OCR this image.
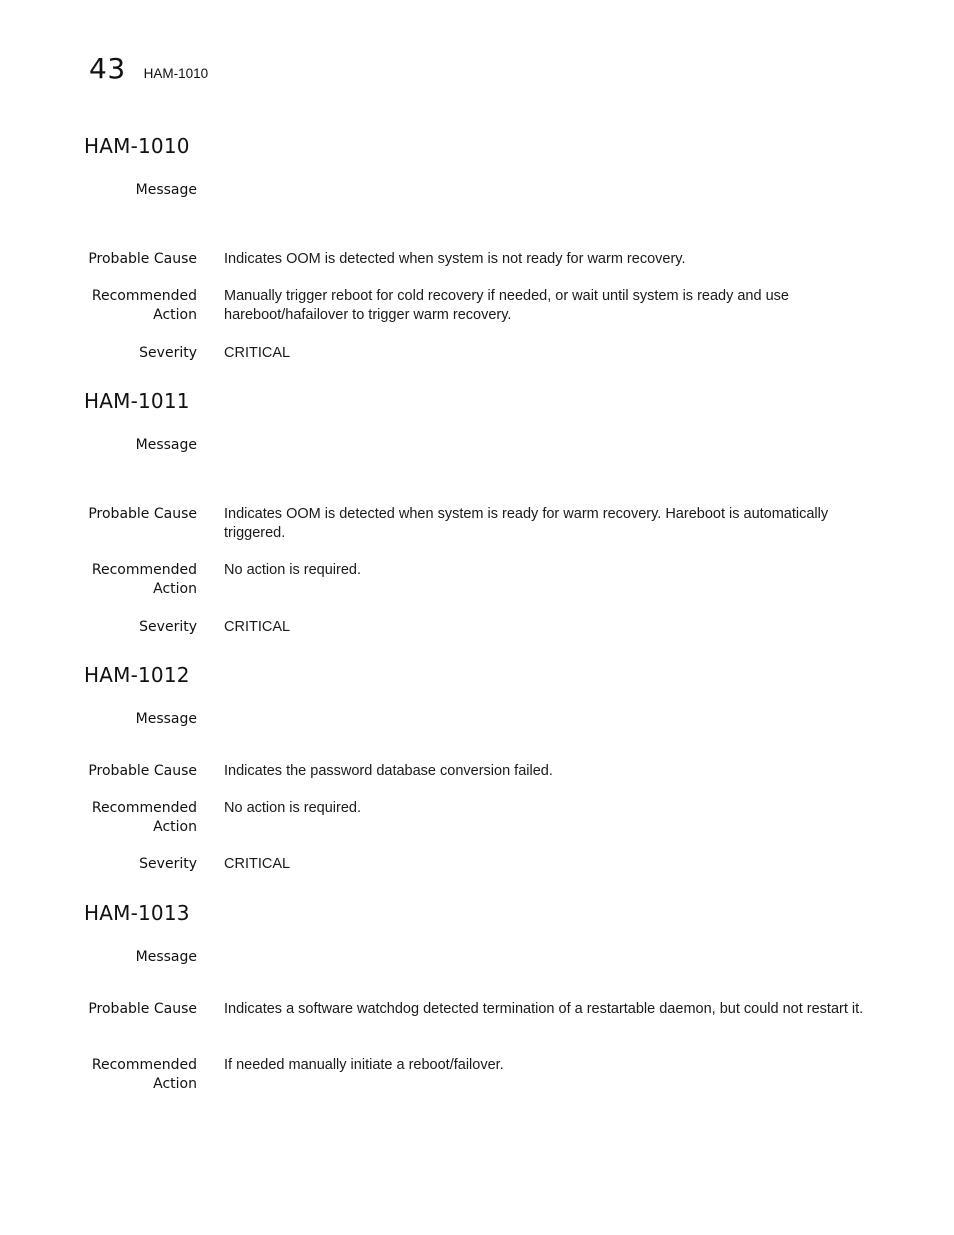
43 HAM-1010
HAM-1010
Message
Probable Cause Indicates OOM is detected when system is not ready for warm recovery.
Recommended
Action
Manually trigger reboot for cold recovery if needed, or wait until system is ready and use hareboot/hafailover to trigger warm recovery.
Severity CRITICAL
HAM-1011
Message
Probable Cause Indicates OOM is detected when system is ready for warm recovery. Hareboot is automatically triggered.
Recommended
Action
No action is required.
Severity CRITICAL
HAM-1012
Message
Probable Cause Indicates the password database conversion failed.
Recommended
Action
No action is required.
Severity CRITICAL
HAM-1013
Message
Probable Cause Indicates a software watchdog detected termination of a restartable daemon, but could not restart it.
Recommended
Action
If needed manually initiate a reboot/failover.
